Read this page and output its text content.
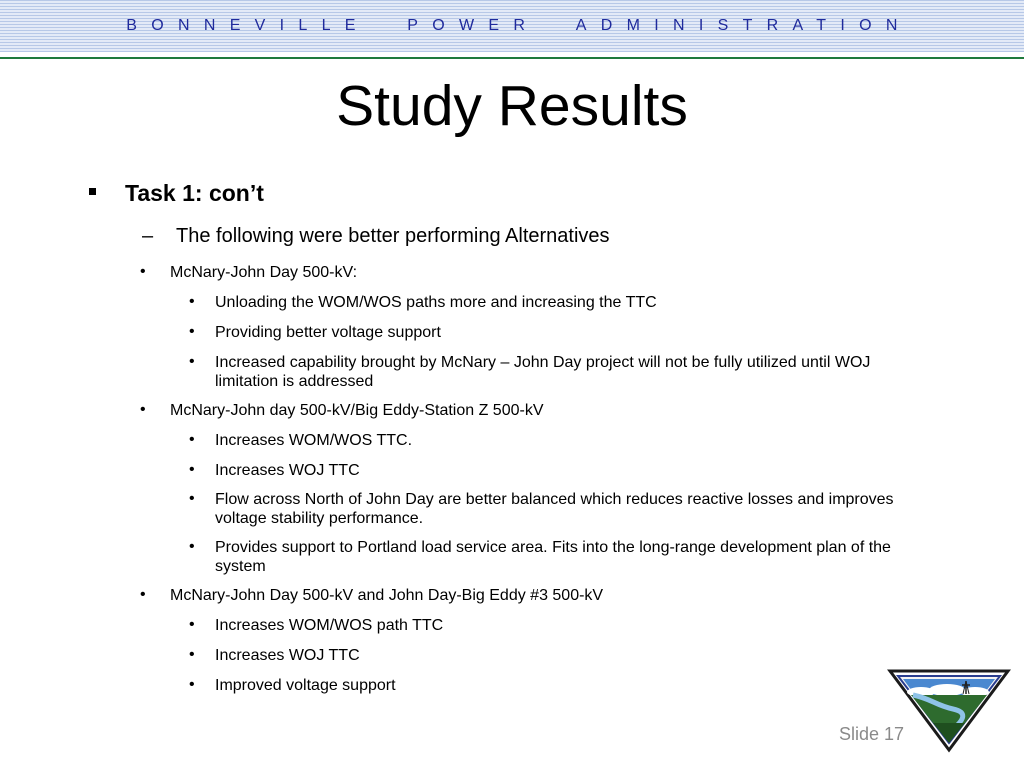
BONNEVILLE  POWER  ADMINISTRATION
Study Results
Task 1: con’t
– The following were better performing Alternatives
• McNary-John Day 500-kV:
• Unloading the WOM/WOS paths more and increasing the TTC
• Providing better voltage support
• Increased capability brought by McNary – John Day project will not be fully utilized until WOJ limitation is addressed
• McNary-John day 500-kV/Big Eddy-Station Z 500-kV
• Increases WOM/WOS TTC.
• Increases WOJ TTC
• Flow across North of John Day are better balanced which reduces reactive losses and improves voltage stability performance.
• Provides support to Portland load service area. Fits into the long-range development plan of the system
• McNary-John Day 500-kV and John Day-Big Eddy #3 500-kV
• Increases WOM/WOS path TTC
• Increases WOJ TTC
• Improved voltage support
Slide 17
